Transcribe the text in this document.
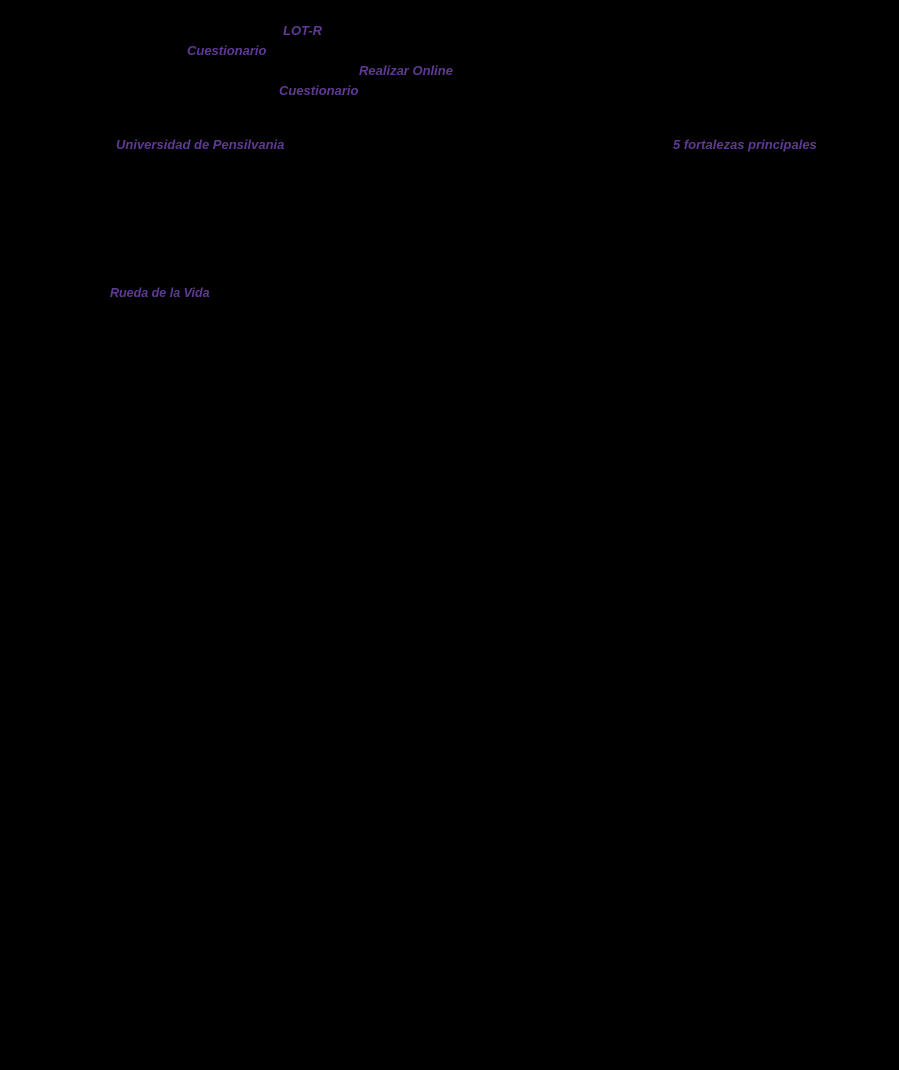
LOT-R
Cuestionario
Realizar Online
Cuestionario
Universidad de Pensilvania	5 fortalezas principales
Rueda de la Vida
